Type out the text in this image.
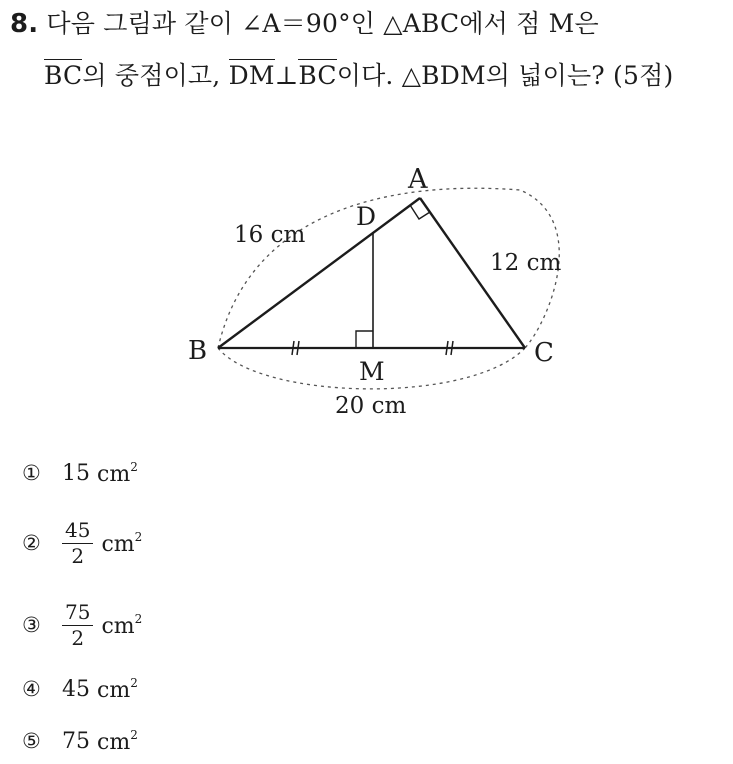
8. 다음 그림과 같이 ∠A＝90°인 △ABC에서 점 M은
BC의 중점이고, DM⊥BC이다. △BDM의 넓이는? (5점)
A
B	C
D
M
16 cm
12 cm
20 cm
① 15 $cm^2$
②	$\frac{45}{2} cm^2$
③	$\frac{75}{2} cm^2$
④ 45 $cm^2$
⑤ 75 $cm^2$
